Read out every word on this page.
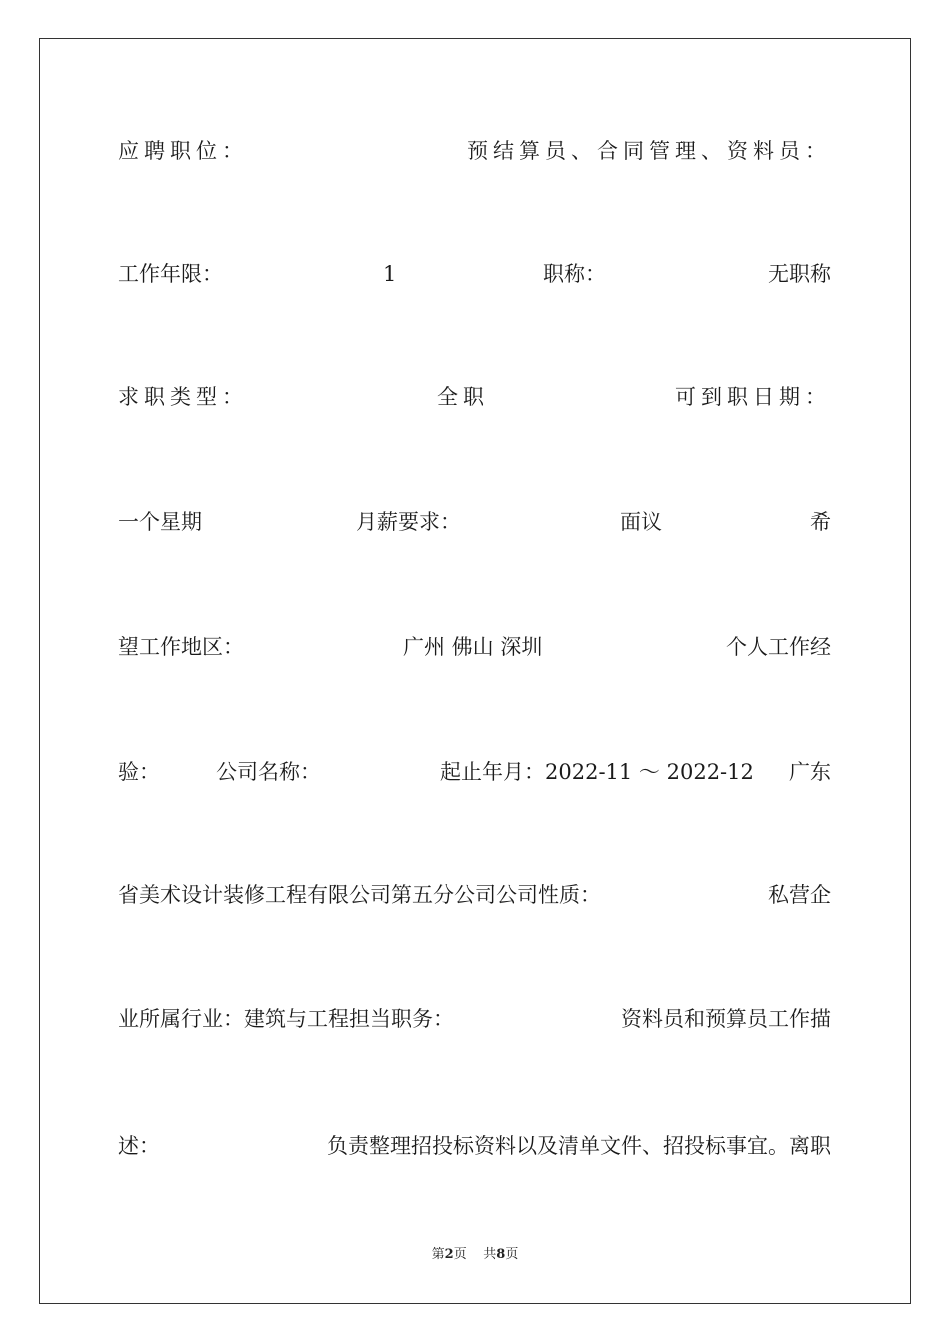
应聘职位：	预结算员、合同管理、资料员：
工作年限：	1	职称：	无职称
求职类型：	全职	可到职日期：
一个星期	月薪要求：	面议	希
望工作地区：	广州 佛山 深圳	个人工作经
验：	公司名称：	起止年月：2022-11 ～ 2022-12 广东
省美术设计装修工程有限公司第五分公司公司性质：	私营企
业所属行业：建筑与工程担当职务：	资料员和预算员工作描
述：	负责整理招投标资料以及清单文件、招投标事宜。离职
第2页 共8页
